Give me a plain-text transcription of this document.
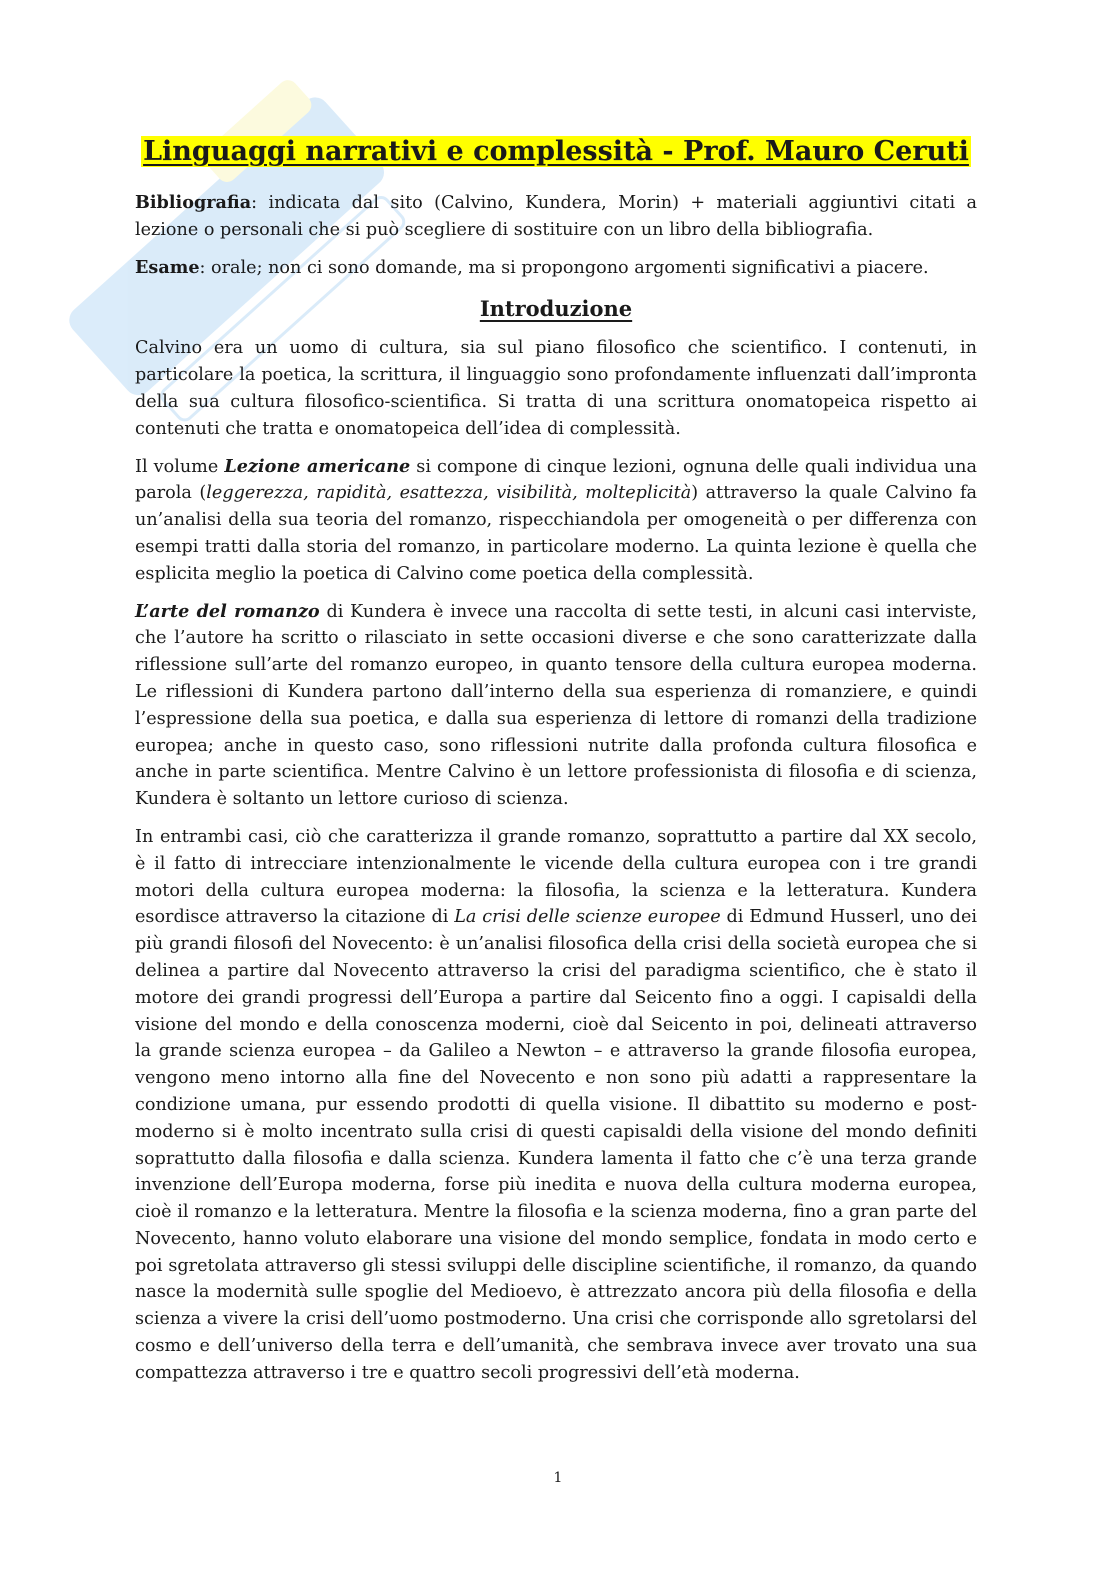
Linguaggi narrativi e complessità - Prof. Mauro Ceruti

Bibliografia: indicata dal sito (Calvino, Kundera, Morin) + materiali aggiuntivi citati a lezione o personali che si può scegliere di sostituire con un libro della bibliografia.

Esame: orale; non ci sono domande, ma si propongono argomenti significativi a piacere.

Introduzione

Calvino era un uomo di cultura, sia sul piano filosofico che scientifico. I contenuti, in particolare la poetica, la scrittura, il linguaggio sono profondamente influenzati dall’impronta della sua cultura filosofico-scientifica. Si tratta di una scrittura onomatopeica rispetto ai contenuti che tratta e onomatopeica dell’idea di complessità.

Il volume Lezione americane si compone di cinque lezioni, ognuna delle quali individua una parola (leggerezza, rapidità, esattezza, visibilità, molteplicità) attraverso la quale Calvino fa un’analisi della sua teoria del romanzo, rispecchiandola per omogeneità o per differenza con esempi tratti dalla storia del romanzo, in particolare moderno. La quinta lezione è quella che esplicita meglio la poetica di Calvino come poetica della complessità.

L’arte del romanzo di Kundera è invece una raccolta di sette testi, in alcuni casi interviste, che l’autore ha scritto o rilasciato in sette occasioni diverse e che sono caratterizzate dalla riflessione sull’arte del romanzo europeo, in quanto tensore della cultura europea moderna. Le riflessioni di Kundera partono dall’interno della sua esperienza di romanziere, e quindi l’espressione della sua poetica, e dalla sua esperienza di lettore di romanzi della tradizione europea; anche in questo caso, sono riflessioni nutrite dalla profonda cultura filosofica e anche in parte scientifica. Mentre Calvino è un lettore professionista di filosofia e di scienza, Kundera è soltanto un lettore curioso di scienza.

In entrambi casi, ciò che caratterizza il grande romanzo, soprattutto a partire dal XX secolo, è il fatto di intrecciare intenzionalmente le vicende della cultura europea con i tre grandi motori della cultura europea moderna: la filosofia, la scienza e la letteratura. Kundera esordisce attraverso la citazione di La crisi delle scienze europee di Edmund Husserl, uno dei più grandi filosofi del Novecento: è un’analisi filosofica della crisi della società europea che si delinea a partire dal Novecento attraverso la crisi del paradigma scientifico, che è stato il motore dei grandi progressi dell’Europa a partire dal Seicento fino a oggi. I capisaldi della visione del mondo e della conoscenza moderni, cioè dal Seicento in poi, delineati attraverso la grande scienza europea – da Galileo a Newton – e attraverso la grande filosofia europea, vengono meno intorno alla fine del Novecento e non sono più adatti a rappresentare la condizione umana, pur essendo prodotti di quella visione. Il dibattito su moderno e post-moderno si è molto incentrato sulla crisi di questi capisaldi della visione del mondo definiti soprattutto dalla filosofia e dalla scienza. Kundera lamenta il fatto che c’è una terza grande invenzione dell’Europa moderna, forse più inedita e nuova della cultura moderna europea, cioè il romanzo e la letteratura. Mentre la filosofia e la scienza moderna, fino a gran parte del Novecento, hanno voluto elaborare una visione del mondo semplice, fondata in modo certo e poi sgretolata attraverso gli stessi sviluppi delle discipline scientifiche, il romanzo, da quando nasce la modernità sulle spoglie del Medioevo, è attrezzato ancora più della filosofia e della scienza a vivere la crisi dell’uomo postmoderno. Una crisi che corrisponde allo sgretolarsi del cosmo e dell’universo della terra e dell’umanità, che sembrava invece aver trovato una sua compattezza attraverso i tre e quattro secoli progressivi dell’età moderna.

1
